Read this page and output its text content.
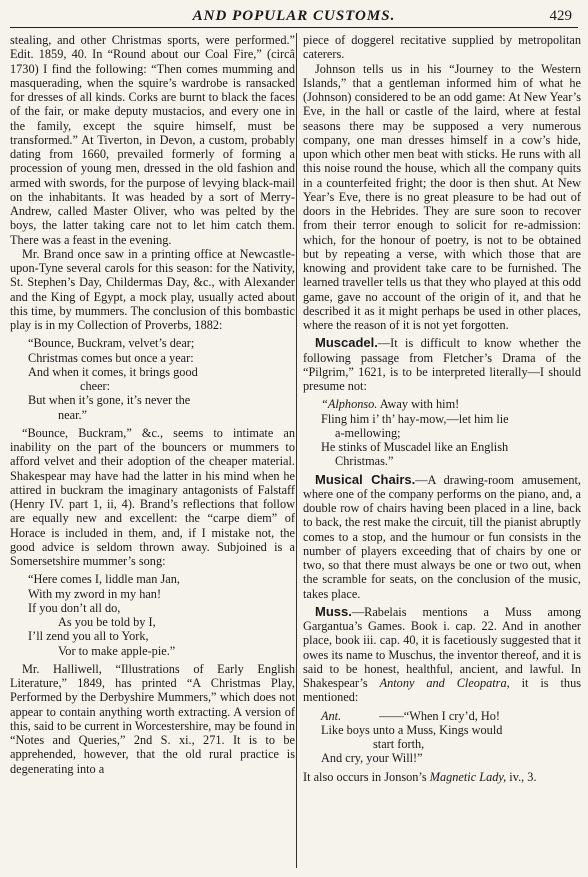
AND POPULAR CUSTOMS.	429

stealing, and other Christmas sports, were performed.” Edit. 1859, 40. In “Round about our Coal Fire,” (circâ 1730) I find the following: “Then comes mumming and masquerading, when the squire’s wardrobe is ransacked for dresses of all kinds. Corks are burnt to black the faces of the fair, or make deputy mustacios, and every one in the family, except the squire himself, must be transformed.” At Tiverton, in Devon, a custom, probably dating from 1660, prevailed formerly of forming a procession of young men, dressed in the old fashion and armed with swords, for the purpose of levying black-mail on the inhabitants. It was headed by a sort of Merry-Andrew, called Master Oliver, who was pelted by the boys, the latter taking care not to let him catch them. There was a feast in the evening.

Mr. Brand once saw in a printing office at Newcastle-upon-Tyne several carols for this season: for the Nativity, St. Stephen’s Day, Childermas Day, &c., with Alexander and the King of Egypt, a mock play, usually acted about this time, by mummers. The conclusion of this bombastic play is in my Collection of Proverbs, 1882:

“Bounce, Buckram, velvet’s dear;
Christmas comes but once a year:
And when it comes, it brings good
cheer:
But when it’s gone, it’s never the
near.”

“Bounce, Buckram,” &c., seems to intimate an inability on the part of the bouncers or mummers to afford velvet and their adoption of the cheaper material. Shakespear may have had the latter in his mind when he attired in buckram the imaginary antagonists of Falstaff (Henry IV. part 1, ii, 4). Brand’s reflections that follow are equally new and excellent: the “carpe diem” of Horace is included in them, and, if I mistake not, the good advice is seldom thrown away. Subjoined is a Somersetshire mummer’s song:

“Here comes I, liddle man Jan,
With my zword in my han!
If you don’t all do,
As you be told by I,
I’ll zend you all to York,
Vor to make apple-pie.”

Mr. Halliwell, “Illustrations of Early English Literature,” 1849, has printed “A Christmas Play, Performed by the Derbyshire Mummers,” which does not appear to contain anything worth extracting. A version of this, said to be current in Worcestershire, may be found in “Notes and Queries,” 2nd S. xi., 271. It is to be apprehended, however, that the old rural practice is degenerating into a

piece of doggerel recitative supplied by metropolitan caterers.

Johnson tells us in his “Journey to the Western Islands,” that a gentleman informed him of what he (Johnson) considered to be an odd game: At New Year’s Eve, in the hall or castle of the laird, where at festal seasons there may be supposed a very numerous company, one man dresses himself in a cow’s hide, upon which other men beat with sticks. He runs with all this noise round the house, which all the company quits in a counterfeited fright; the door is then shut. At New Year’s Eve, there is no great pleasure to be had out of doors in the Hebrides. They are sure soon to recover from their terror enough to solicit for re-admission: which, for the honour of poetry, is not to be obtained but by repeating a verse, with which those that are knowing and provident take care to be furnished. The learned traveller tells us that they who played at this odd game, gave no account of the origin of it, and that he described it as it might perhaps be used in other places, where the reason of it is not yet forgotten.

Muscadel.—It is difficult to know whether the following passage from Fletcher’s Drama of the “Pilgrim,” 1621, is to be interpreted literally—I should presume not:

“Alphonso. Away with him!
Fling him i’ th’ hay-mow,—let him lie
a-mellowing;
He stinks of Muscadel like an English
Christmas.”

Musical Chairs.—A drawing-room amusement, where one of the company performs on the piano, and, a double row of chairs having been placed in a line, back to back, the rest make the circuit, till the pianist abruptly comes to a stop, and the humour or fun consists in the number of players exceeding that of chairs by one or two, so that there must always be one or two out, when the scramble for seats, on the conclusion of the music, takes place.

Muss.—Rabelais mentions a Muss among Gargantua’s Games. Book i. cap. 22. And in another place, book iii. cap. 40, it is facetiously suggested that it owes its name to Muschus, the inventor thereof, and it is said to be honest, healthful, ancient, and lawful. In Shakespear’s Antony and Cleopatra, it is thus mentioned:

Ant.	——“When I cry’d, Ho!
Like boys unto a Muss, Kings would
start forth,
And cry, your Will!”

It also occurs in Jonson’s Magnetic Lady, iv., 3.
